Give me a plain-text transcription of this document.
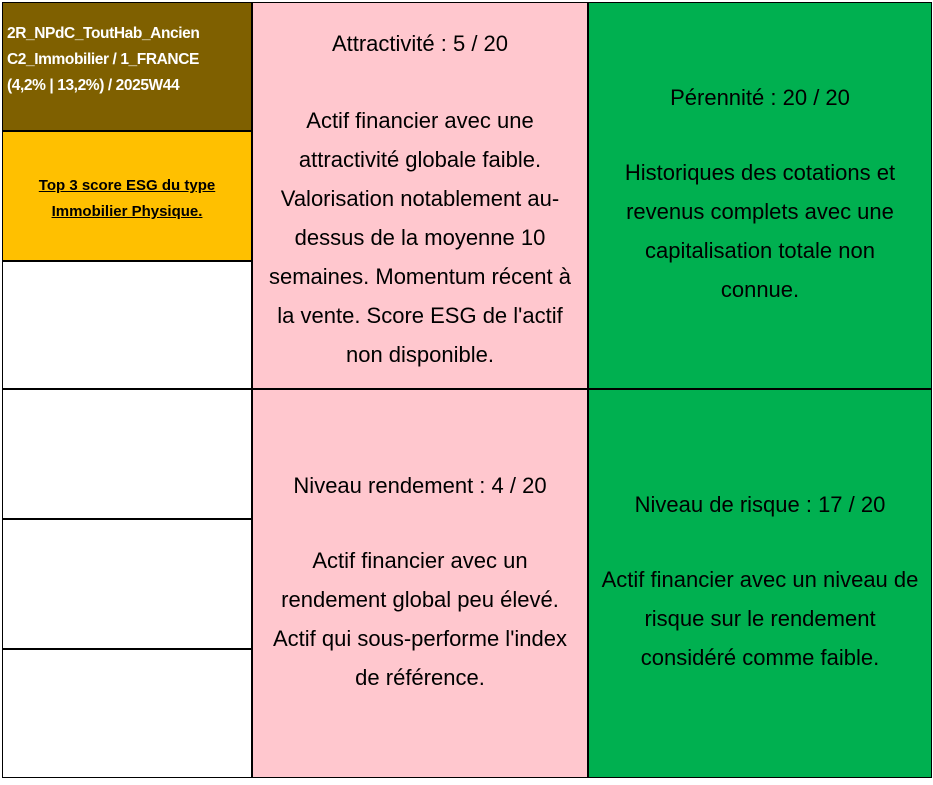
2R_NPdC_ToutHab_Ancien
C2_Immobilier / 1_FRANCE
(4,2% | 13,2%) / 2025W44
Top 3 score ESG du type
Immobilier Physique.
Attractivité : 5 / 20
Actif financier avec une
attractivité globale faible.
Valorisation notablement au-
dessus de la moyenne 10
semaines. Momentum récent à
la vente. Score ESG de l'actif
non disponible.
Pérennité : 20 / 20
Historiques des cotations et
revenus complets avec une
capitalisation totale non
connue.
Niveau rendement : 4 / 20
Actif financier avec un
rendement global peu élevé.
Actif qui sous-performe l'index
de référence.
Niveau de risque : 17 / 20
Actif financier avec un niveau de
risque sur le rendement
considéré comme faible.
